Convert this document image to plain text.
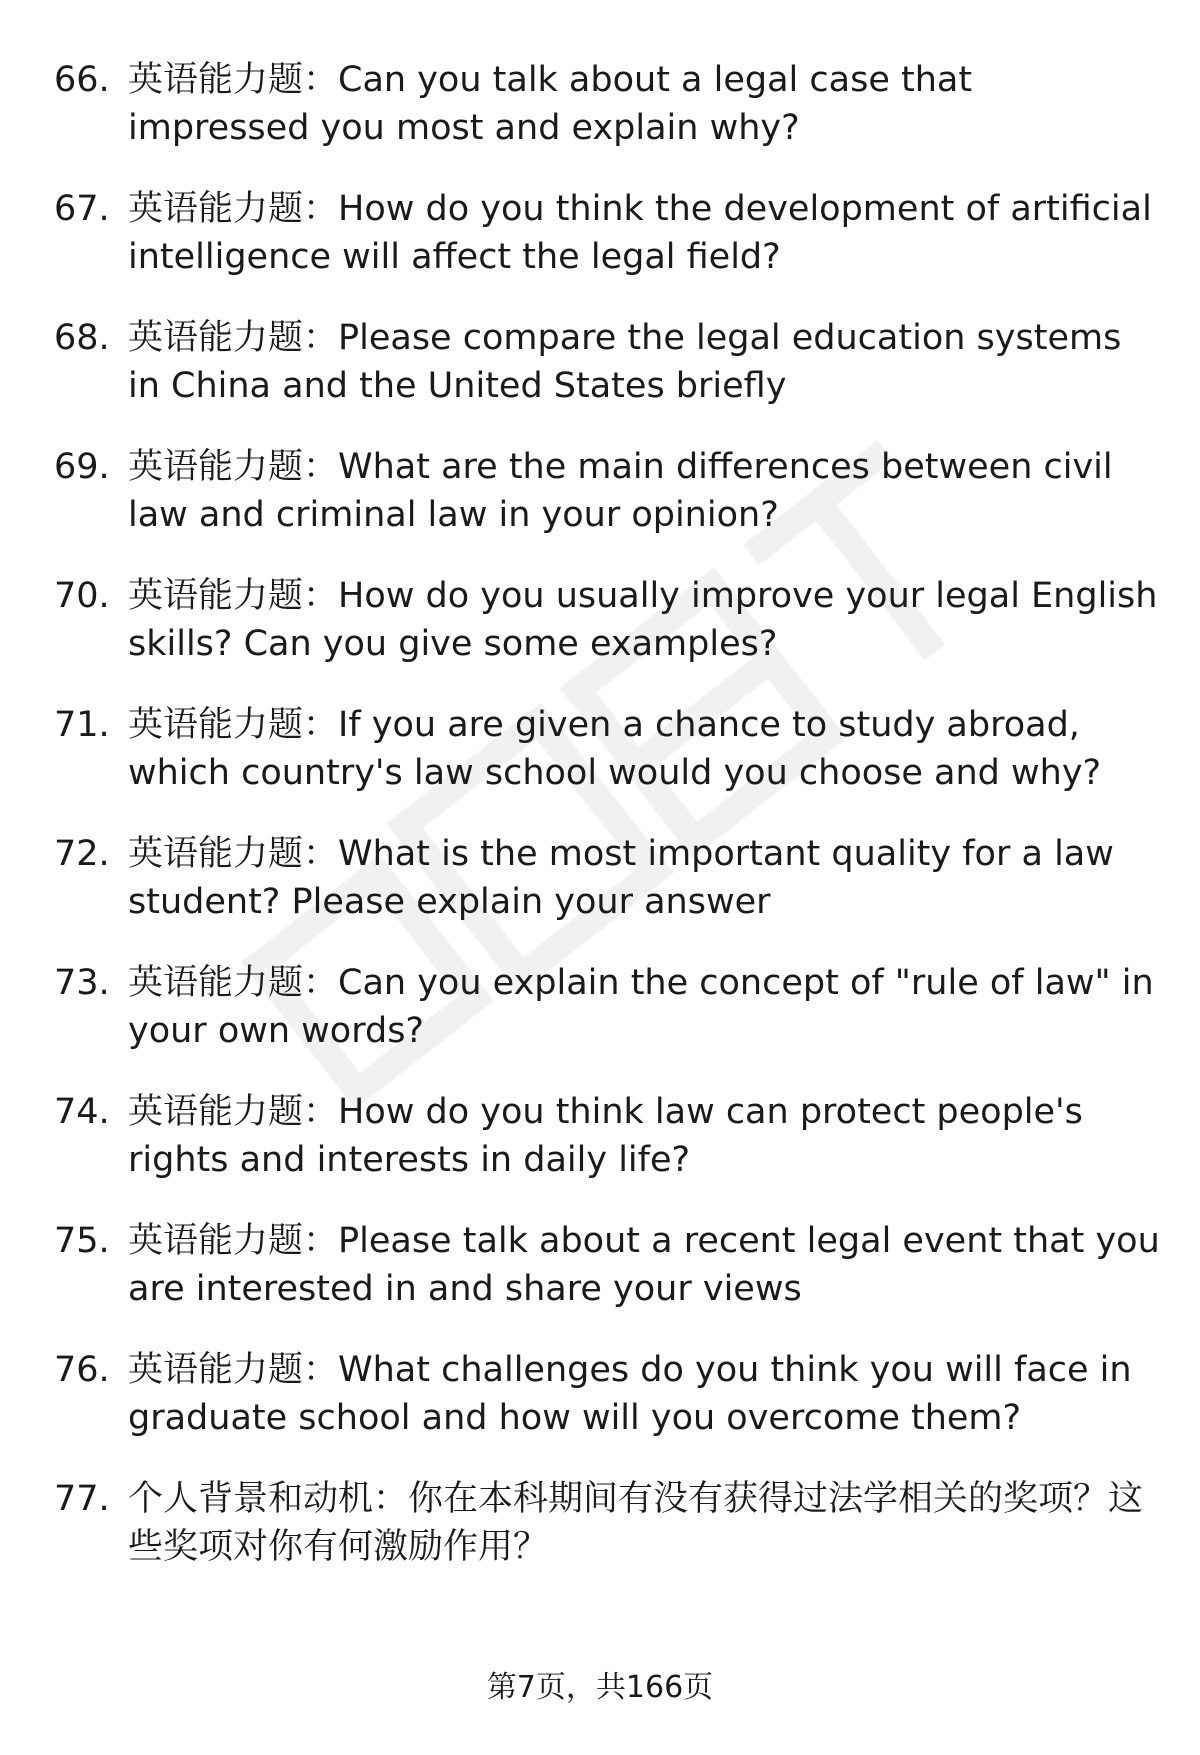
66. 英语能力题：Can you talk about a legal case that impressed you most and explain why?
67. 英语能力题：How do you think the development of artificial intelligence will affect the legal field?
68. 英语能力题：Please compare the legal education systems in China and the United States briefly
69. 英语能力题：What are the main differences between civil law and criminal law in your opinion?
70. 英语能力题：How do you usually improve your legal English skills? Can you give some examples?
71. 英语能力题：If you are given a chance to study abroad, which country's law school would you choose and why?
72. 英语能力题：What is the most important quality for a law student? Please explain your answer
73. 英语能力题：Can you explain the concept of "rule of law" in your own words?
74. 英语能力题：How do you think law can protect people's rights and interests in daily life?
75. 英语能力题：Please talk about a recent legal event that you are interested in and share your views
76. 英语能力题：What challenges do you think you will face in graduate school and how will you overcome them?
77. 个人背景和动机：你在本科期间有没有获得过法学相关的奖项？这些奖项对你有何激励作用？
第7页，共166页
